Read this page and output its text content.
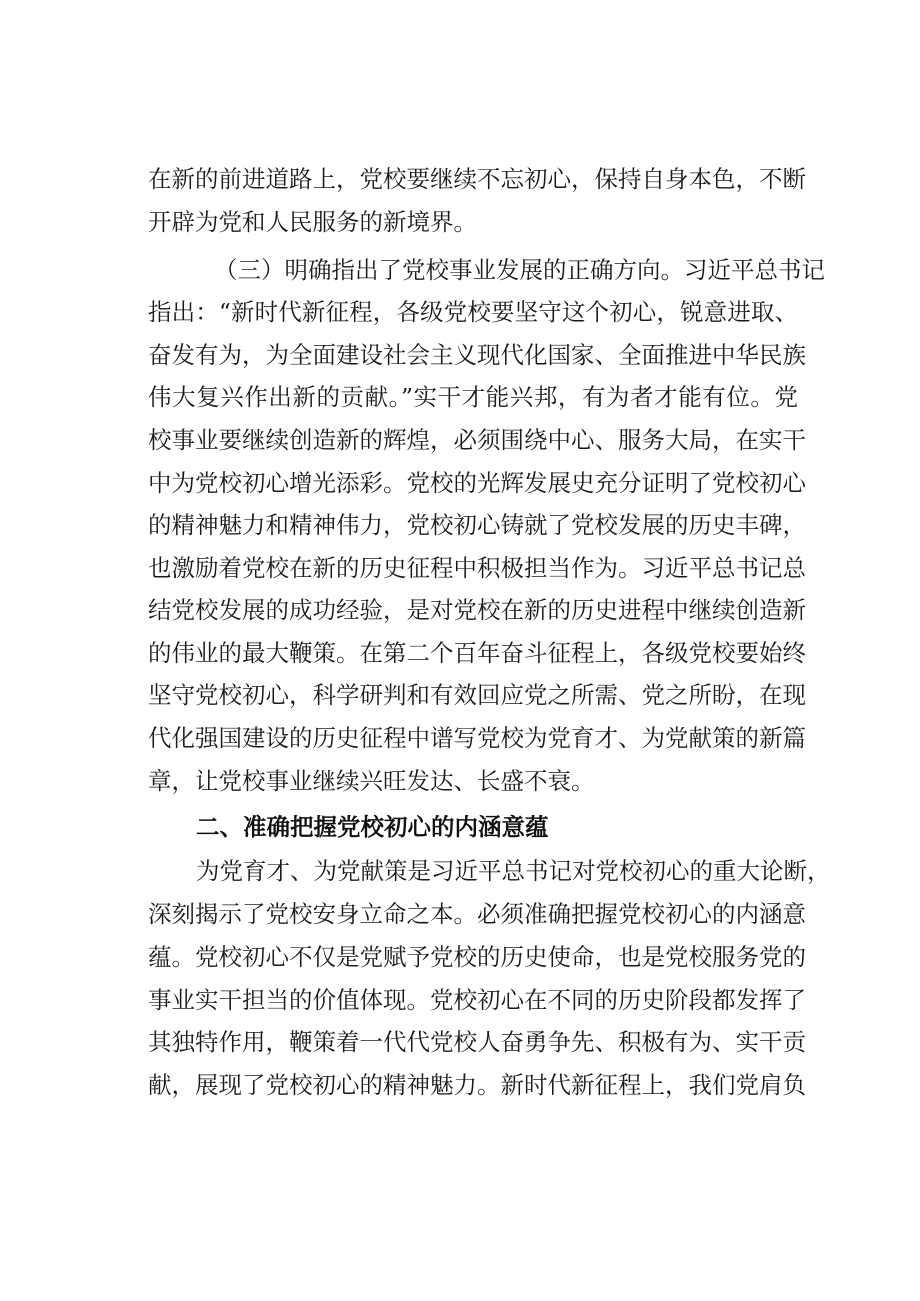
在新的前进道路上，党校要继续不忘初心，保持自身本色，不断
开辟为党和人民服务的新境界。
（三）明确指出了党校事业发展的正确方向。习近平总书记
指出：“新时代新征程，各级党校要坚守这个初心，锐意进取、
奋发有为，为全面建设社会主义现代化国家、全面推进中华民族
伟大复兴作出新的贡献。”实干才能兴邦，有为者才能有位。党
校事业要继续创造新的辉煌，必须围绕中心、服务大局，在实干
中为党校初心增光添彩。党校的光辉发展史充分证明了党校初心
的精神魅力和精神伟力，党校初心铸就了党校发展的历史丰碑，
也激励着党校在新的历史征程中积极担当作为。习近平总书记总
结党校发展的成功经验，是对党校在新的历史进程中继续创造新
的伟业的最大鞭策。在第二个百年奋斗征程上，各级党校要始终
坚守党校初心，科学研判和有效回应党之所需、党之所盼，在现
代化强国建设的历史征程中谱写党校为党育才、为党献策的新篇
章，让党校事业继续兴旺发达、长盛不衰。
二、准确把握党校初心的内涵意蕴
为党育才、为党献策是习近平总书记对党校初心的重大论断，
深刻揭示了党校安身立命之本。必须准确把握党校初心的内涵意
蕴。党校初心不仅是党赋予党校的历史使命，也是党校服务党的
事业实干担当的价值体现。党校初心在不同的历史阶段都发挥了
其独特作用，鞭策着一代代党校人奋勇争先、积极有为、实干贡
献，展现了党校初心的精神魅力。新时代新征程上，我们党肩负
